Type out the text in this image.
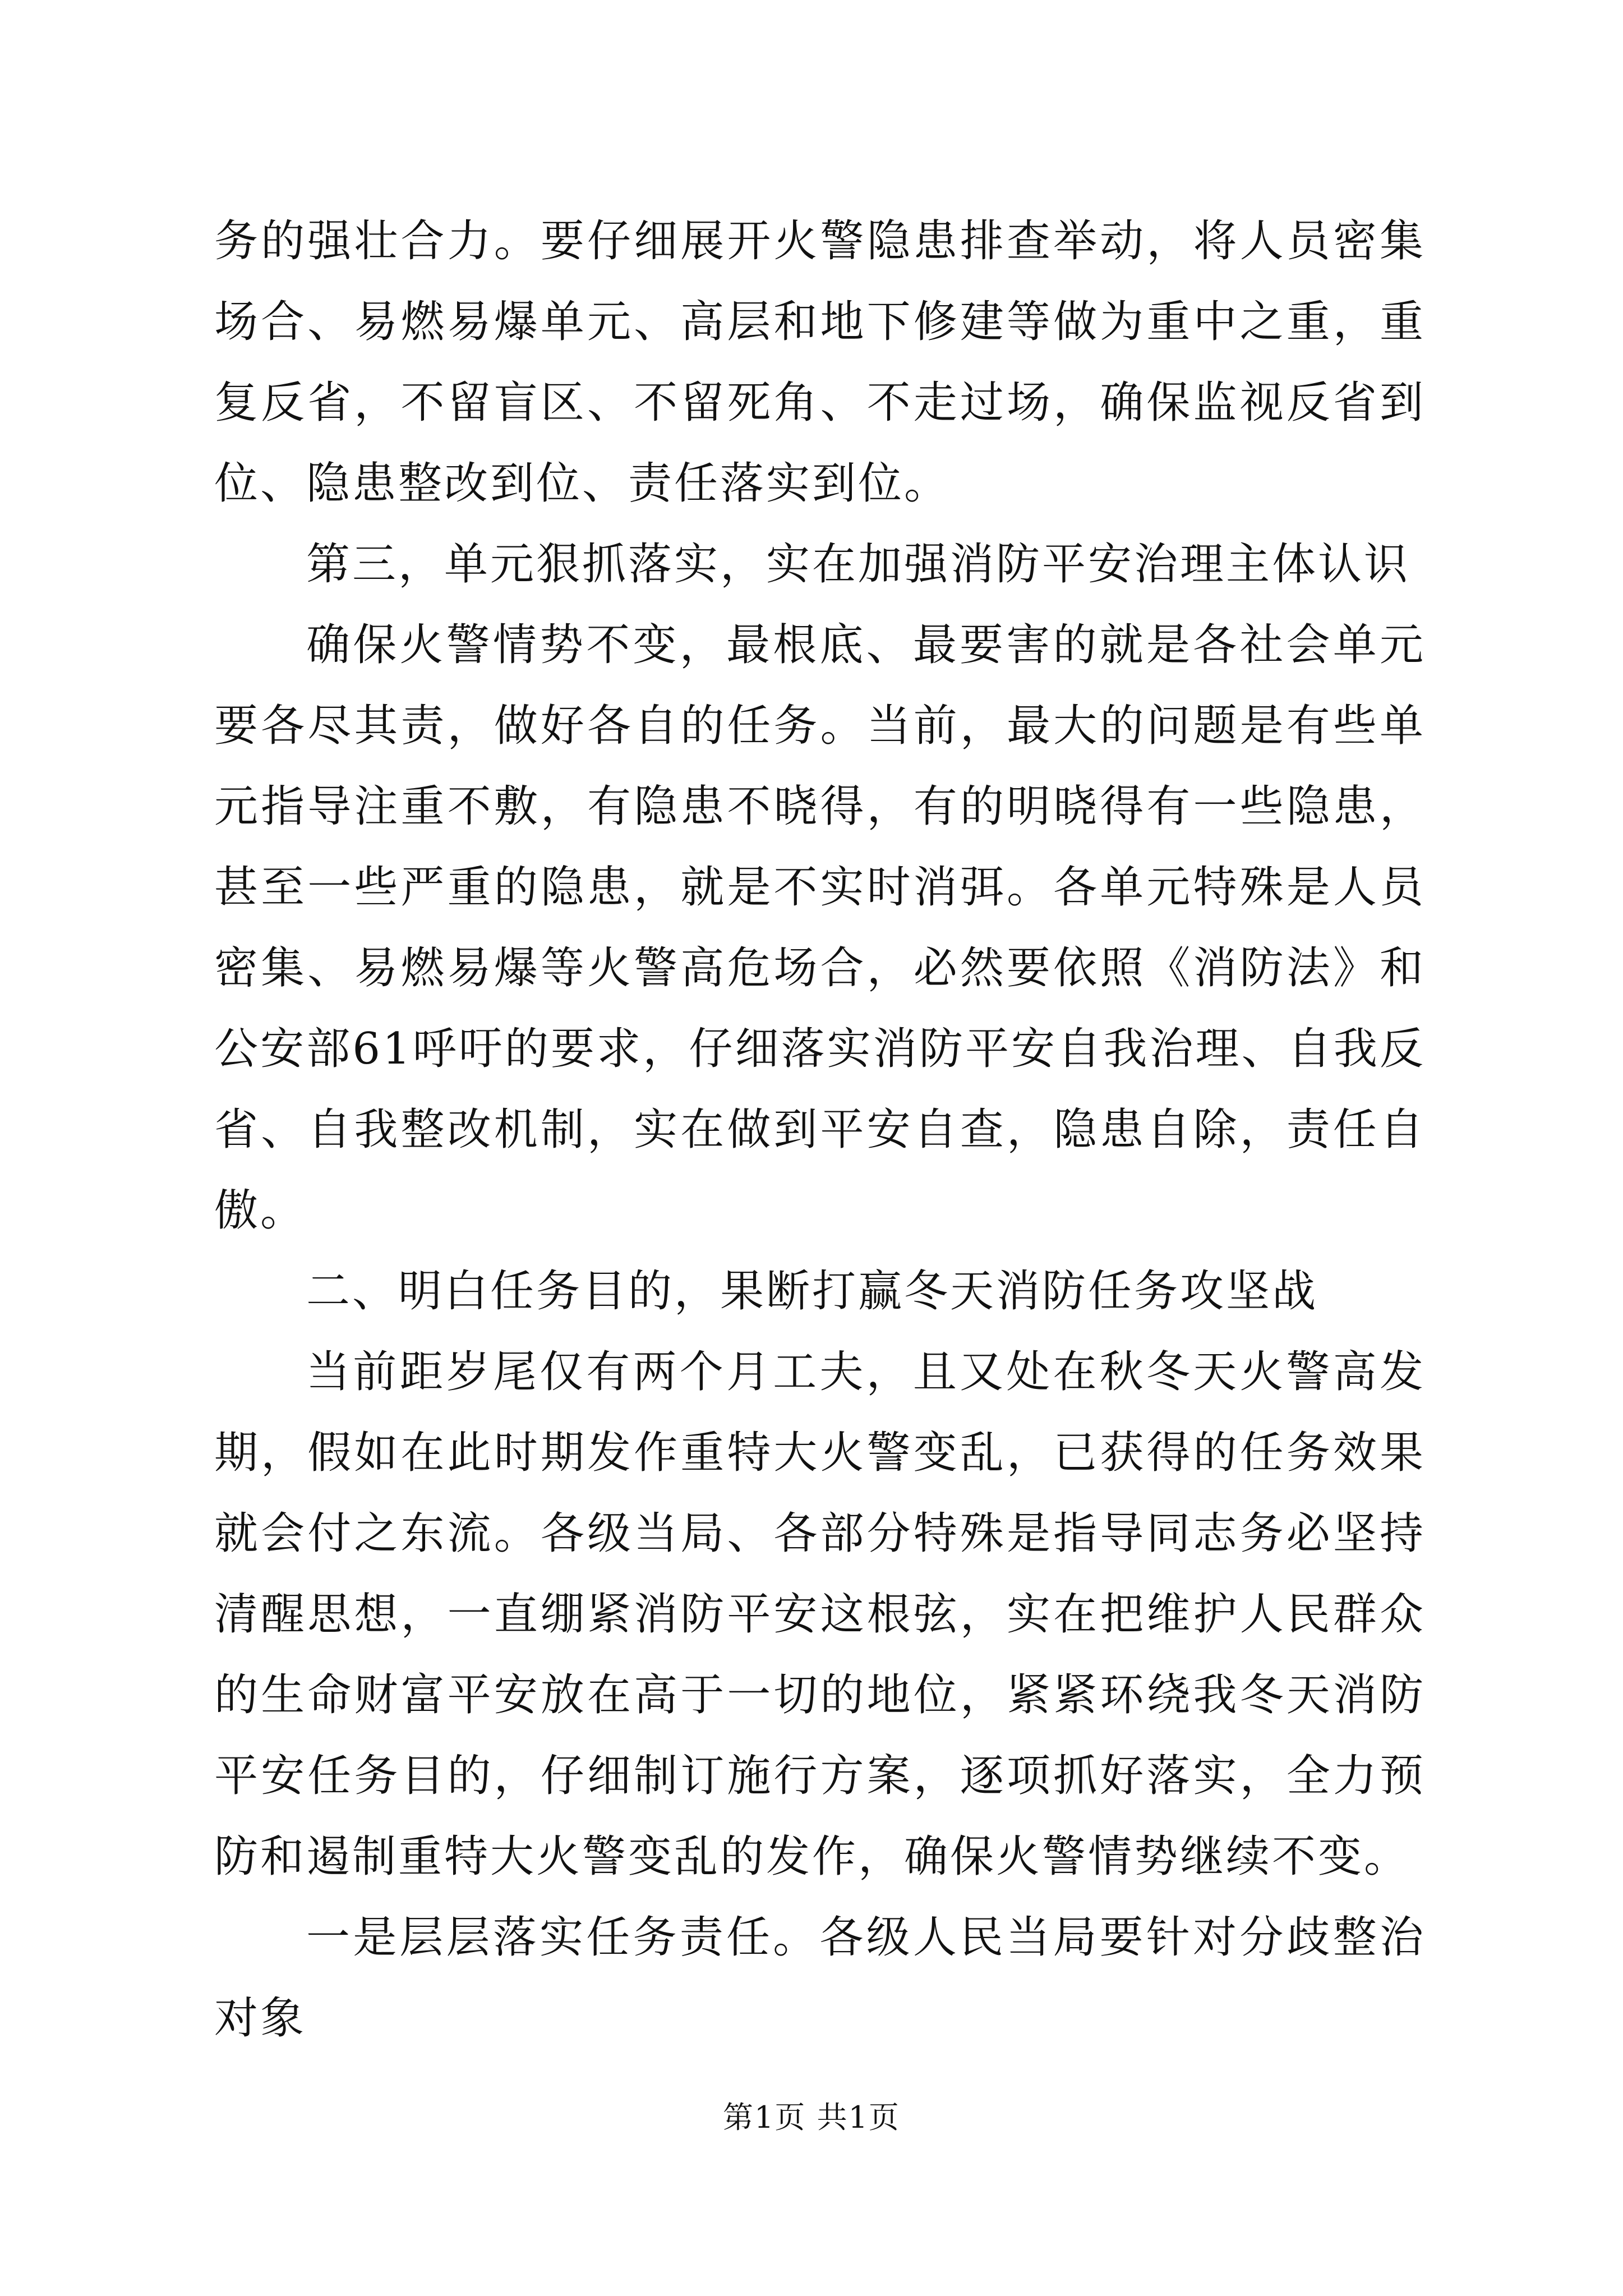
务的强壮合力。要仔细展开火警隐患排查举动，将人员密集场合、易燃易爆单元、高层和地下修建等做为重中之重，重复反省，不留盲区、不留死角、不走过场，确保监视反省到位、隐患整改到位、责任落实到位。

第三，单元狠抓落实，实在加强消防平安治理主体认识

确保火警情势不变，最根底、最要害的就是各社会单元要各尽其责，做好各自的任务。当前，最大的问题是有些单元指导注重不敷，有隐患不晓得，有的明晓得有一些隐患，甚至一些严重的隐患，就是不实时消弭。各单元特殊是人员密集、易燃易爆等火警高危场合，必然要依照《消防法》和公安部61呼吁的要求，仔细落实消防平安自我治理、自我反省、自我整改机制，实在做到平安自查，隐患自除，责任自傲。

二、明白任务目的，果断打赢冬天消防任务攻坚战

当前距岁尾仅有两个月工夫，且又处在秋冬天火警高发期，假如在此时期发作重特大火警变乱，已获得的任务效果就会付之东流。各级当局、各部分特殊是指导同志务必坚持清醒思想，一直绷紧消防平安这根弦，实在把维护人民群众的生命财富平安放在高于一切的地位，紧紧环绕我冬天消防平安任务目的，仔细制订施行方案，逐项抓好落实，全力预防和遏制重特大火警变乱的发作，确保火警情势继续不变。

一是层层落实任务责任。各级人民当局要针对分歧整治对象

第1页 共1页
